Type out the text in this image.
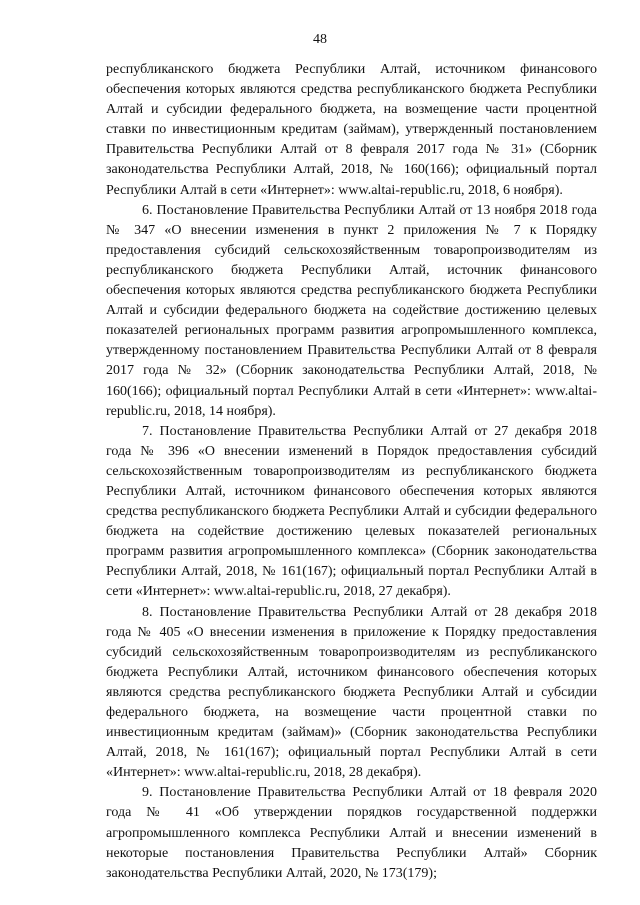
48

республиканского бюджета Республики Алтай, источником финансового обеспечения которых являются средства республиканского бюджета Республики Алтай и субсидии федерального бюджета, на возмещение части процентной ставки по инвестиционным кредитам (займам), утвержденный постановлением Правительства Республики Алтай от 8 февраля 2017 года № 31» (Сборник законодательства Республики Алтай, 2018, № 160(166); официальный портал Республики Алтай в сети «Интернет»: www.altai-republic.ru, 2018, 6 ноября).

6. Постановление Правительства Республики Алтай от 13 ноября 2018 года № 347 «О внесении изменения в пункт 2 приложения № 7 к Порядку предоставления субсидий сельскохозяйственным товаропроизводителям из республиканского бюджета Республики Алтай, источник финансового обеспечения которых являются средства республиканского бюджета Республики Алтай и субсидии федерального бюджета на содействие достижению целевых показателей региональных программ развития агропромышленного комплекса, утвержденному постановлением Правительства Республики Алтай от 8 февраля 2017 года № 32» (Сборник законодательства Республики Алтай, 2018, № 160(166); официальный портал Республики Алтай в сети «Интернет»: www.altai-republic.ru, 2018, 14 ноября).

7. Постановление Правительства Республики Алтай от 27 декабря 2018 года № 396 «О внесении изменений в Порядок предоставления субсидий сельскохозяйственным товаропроизводителям из республиканского бюджета Республики Алтай, источником финансового обеспечения которых являются средства республиканского бюджета Республики Алтай и субсидии федерального бюджета на содействие достижению целевых показателей региональных программ развития агропромышленного комплекса» (Сборник законодательства Республики Алтай, 2018, № 161(167); официальный портал Республики Алтай в сети «Интернет»: www.altai-republic.ru, 2018, 27 декабря).

8. Постановление Правительства Республики Алтай от 28 декабря 2018 года № 405 «О внесении изменения в приложение к Порядку предоставления субсидий сельскохозяйственным товаропроизводителям из республиканского бюджета Республики Алтай, источником финансового обеспечения которых являются средства республиканского бюджета Республики Алтай и субсидии федерального бюджета, на возмещение части процентной ставки по инвестиционным кредитам (займам)» (Сборник законодательства Республики Алтай, 2018, № 161(167); официальный портал Республики Алтай в сети «Интернет»: www.altai-republic.ru, 2018, 28 декабря).

9. Постановление Правительства Республики Алтай от 18 февраля 2020 года № 41 «Об утверждении порядков государственной поддержки агропромышленного комплекса Республики Алтай и внесении изменений в некоторые постановления Правительства Республики Алтай» Сборник законодательства Республики Алтай, 2020, № 173(179);
